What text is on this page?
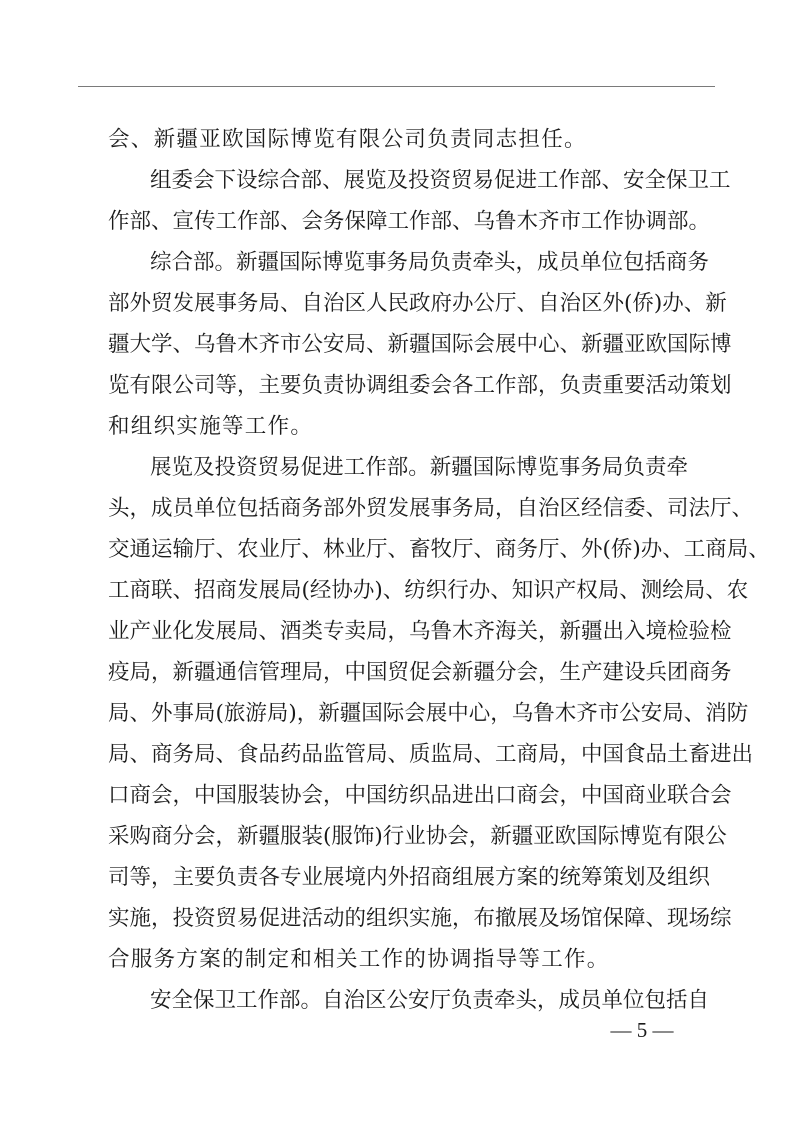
会、新疆亚欧国际博览有限公司负责同志担任。
组委会下设综合部、展览及投资贸易促进工作部、安全保卫工
作部、宣传工作部、会务保障工作部、乌鲁木齐市工作协调部。
综合部。新疆国际博览事务局负责牵头，成员单位包括商务
部外贸发展事务局、自治区人民政府办公厅、自治区外(侨)办、新
疆大学、乌鲁木齐市公安局、新疆国际会展中心、新疆亚欧国际博
览有限公司等，主要负责协调组委会各工作部，负责重要活动策划
和组织实施等工作。
展览及投资贸易促进工作部。新疆国际博览事务局负责牵
头，成员单位包括商务部外贸发展事务局，自治区经信委、司法厅、
交通运输厅、农业厅、林业厅、畜牧厅、商务厅、外(侨)办、工商局、
工商联、招商发展局(经协办)、纺织行办、知识产权局、测绘局、农
业产业化发展局、酒类专卖局，乌鲁木齐海关，新疆出入境检验检
疫局，新疆通信管理局，中国贸促会新疆分会，生产建设兵团商务
局、外事局(旅游局)，新疆国际会展中心，乌鲁木齐市公安局、消防
局、商务局、食品药品监管局、质监局、工商局，中国食品土畜进出
口商会，中国服装协会，中国纺织品进出口商会，中国商业联合会
采购商分会，新疆服装(服饰)行业协会，新疆亚欧国际博览有限公
司等，主要负责各专业展境内外招商组展方案的统筹策划及组织
实施，投资贸易促进活动的组织实施，布撤展及场馆保障、现场综
合服务方案的制定和相关工作的协调指导等工作。
安全保卫工作部。自治区公安厅负责牵头，成员单位包括自
— 5 —
